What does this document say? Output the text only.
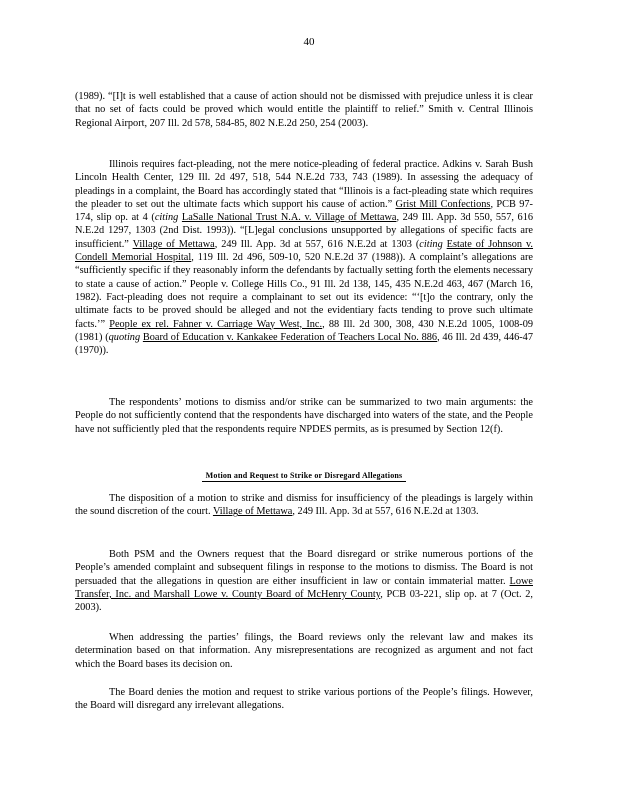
40

(1989). “[I]t is well established that a cause of action should not be dismissed with prejudice unless it is clear that no set of facts could be proved which would entitle the plaintiff to relief.” Smith v. Central Illinois Regional Airport, 207 Ill. 2d 578, 584-85, 802 N.E.2d 250, 254 (2003).

Illinois requires fact-pleading, not the mere notice-pleading of federal practice. Adkins v. Sarah Bush Lincoln Health Center, 129 Ill. 2d 497, 518, 544 N.E.2d 733, 743 (1989). In assessing the adequacy of pleadings in a complaint, the Board has accordingly stated that “Illinois is a fact-pleading state which requires the pleader to set out the ultimate facts which support his cause of action.” Grist Mill Confections, PCB 97-174, slip op. at 4 (citing LaSalle National Trust N.A. v. Village of Mettawa, 249 Ill. App. 3d 550, 557, 616 N.E.2d 1297, 1303 (2nd Dist. 1993)). “[L]egal conclusions unsupported by allegations of specific facts are insufficient.” Village of Mettawa, 249 Ill. App. 3d at 557, 616 N.E.2d at 1303 (citing Estate of Johnson v. Condell Memorial Hospital, 119 Ill. 2d 496, 509-10, 520 N.E.2d 37 (1988)). A complaint’s allegations are “sufficiently specific if they reasonably inform the defendants by factually setting forth the elements necessary to state a cause of action.” People v. College Hills Co., 91 Ill. 2d 138, 145, 435 N.E.2d 463, 467 (March 16, 1982). Fact-pleading does not require a complainant to set out its evidence: “‘[t]o the contrary, only the ultimate facts to be proved should be alleged and not the evidentiary facts tending to prove such ultimate facts.’” People ex rel. Fahner v. Carriage Way West, Inc., 88 Ill. 2d 300, 308, 430 N.E.2d 1005, 1008-09 (1981) (quoting Board of Education v. Kankakee Federation of Teachers Local No. 886, 46 Ill. 2d 439, 446-47 (1970)).

The respondents’ motions to dismiss and/or strike can be summarized to two main arguments: the People do not sufficiently contend that the respondents have discharged into waters of the state, and the People have not sufficiently pled that the respondents require NPDES permits, as is presumed by Section 12(f).

Motion and Request to Strike or Disregard Allegations

The disposition of a motion to strike and dismiss for insufficiency of the pleadings is largely within the sound discretion of the court. Village of Mettawa, 249 Ill. App. 3d at 557, 616 N.E.2d at 1303.

Both PSM and the Owners request that the Board disregard or strike numerous portions of the People’s amended complaint and subsequent filings in response to the motions to dismiss. The Board is not persuaded that the allegations in question are either insufficient in law or contain immaterial matter. Lowe Transfer, Inc. and Marshall Lowe v. County Board of McHenry County, PCB 03-221, slip op. at 7 (Oct. 2, 2003).

When addressing the parties’ filings, the Board reviews only the relevant law and makes its determination based on that information. Any misrepresentations are recognized as argument and not fact which the Board bases its decision on.

The Board denies the motion and request to strike various portions of the People’s filings. However, the Board will disregard any irrelevant allegations.
